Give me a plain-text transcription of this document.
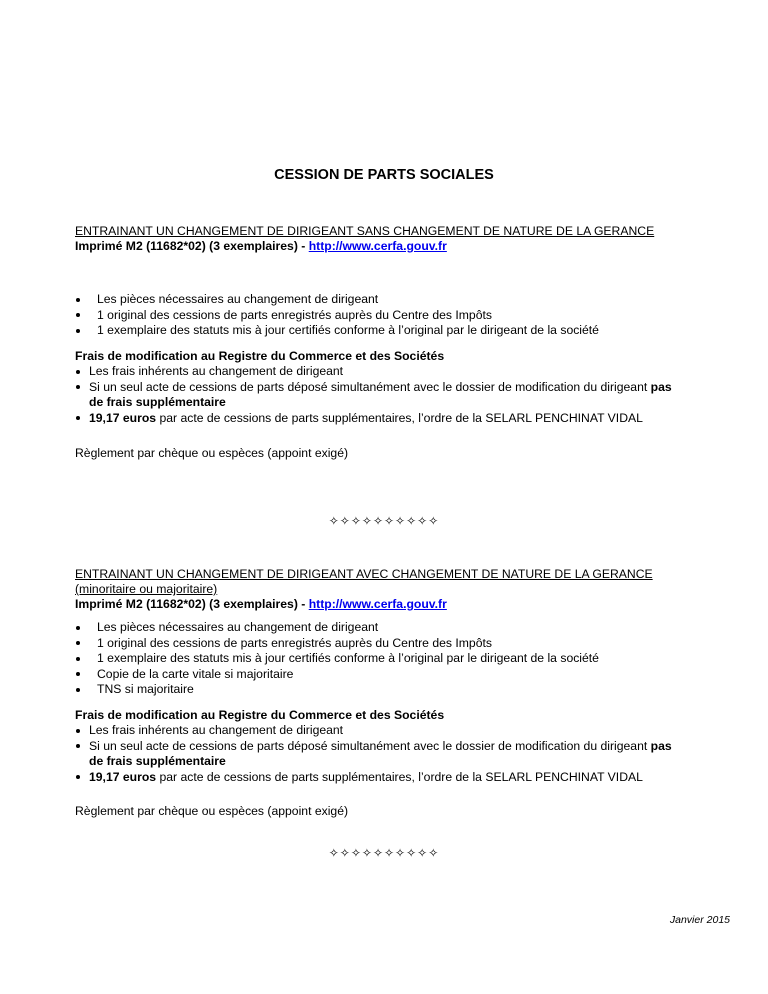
CESSION DE PARTS SOCIALES
ENTRAINANT UN CHANGEMENT DE DIRIGEANT SANS CHANGEMENT DE NATURE DE LA GERANCE
Imprimé M2 (11682*02) (3 exemplaires) - http://www.cerfa.gouv.fr
Les pièces nécessaires au changement de dirigeant
1 original des cessions de parts enregistrés auprès du Centre des Impôts
1 exemplaire des statuts mis à jour certifiés conforme à l’original par le dirigeant de la société
Frais de modification au Registre du Commerce et des Sociétés
Les frais inhérents au changement de dirigeant
Si un seul acte de cessions de parts déposé simultanément avec le dossier de modification du dirigeant pas
de frais supplémentaire
19,17 euros par acte de cessions de parts supplémentaires, l’ordre de la SELARL PENCHINAT VIDAL
Règlement par chèque ou espèces (appoint exigé)
✧✧✧✧✧✧✧✧✧✧
ENTRAINANT UN CHANGEMENT DE DIRIGEANT AVEC CHANGEMENT DE NATURE DE LA GERANCE
(minoritaire ou majoritaire)
Imprimé M2 (11682*02) (3 exemplaires) - http://www.cerfa.gouv.fr
Les pièces nécessaires au changement de dirigeant
1 original des cessions de parts enregistrés auprès du Centre des Impôts
1 exemplaire des statuts mis à jour certifiés conforme à l’original par le dirigeant de la société
Copie de la carte vitale si majoritaire
TNS si majoritaire
Frais de modification au Registre du Commerce et des Sociétés
Les frais inhérents au changement de dirigeant
Si un seul acte de cessions de parts déposé simultanément avec le dossier de modification du dirigeant pas
de frais supplémentaire
19,17 euros par acte de cessions de parts supplémentaires, l’ordre de la SELARL PENCHINAT VIDAL
Règlement par chèque ou espèces (appoint exigé)
✧✧✧✧✧✧✧✧✧✧
Janvier 2015
